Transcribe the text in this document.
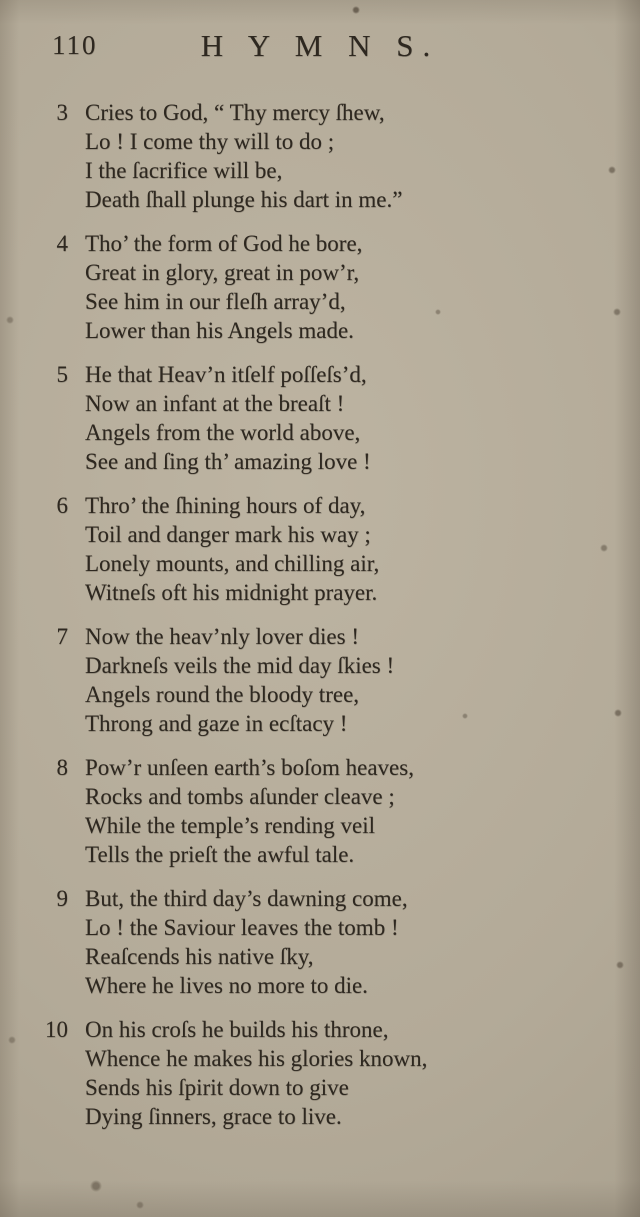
110	H Y M N S.
3 Cries to God, “ Thy mercy ſhew,
Lo ! I come thy will to do ;
I the ſacrifice will be,
Death ſhall plunge his dart in me.”
4 Tho’ the form of God he bore,
Great in glory, great in pow’r,
See him in our fleſh array’d,
Lower than his Angels made.
5 He that Heav’n itſelf poſſeſs’d,
Now an infant at the breaſt !
Angels from the world above,
See and ſing th’ amazing love !
6 Thro’ the ſhining hours of day,
Toil and danger mark his way ;
Lonely mounts, and chilling air,
Witneſs oft his midnight prayer.
7 Now the heav’nly lover dies !
Darkneſs veils the mid day ſkies !
Angels round the bloody tree,
Throng and gaze in ecſtacy !
8 Pow’r unſeen earth’s boſom heaves,
Rocks and tombs aſunder cleave ;
While the temple’s rending veil
Tells the prieſt the awful tale.
9 But, the third day’s dawning come,
Lo ! the Saviour leaves the tomb !
Reaſcends his native ſky,
Where he lives no more to die.
10 On his croſs he builds his throne,
Whence he makes his glories known,
Sends his ſpirit down to give
Dying ſinners, grace to live.
